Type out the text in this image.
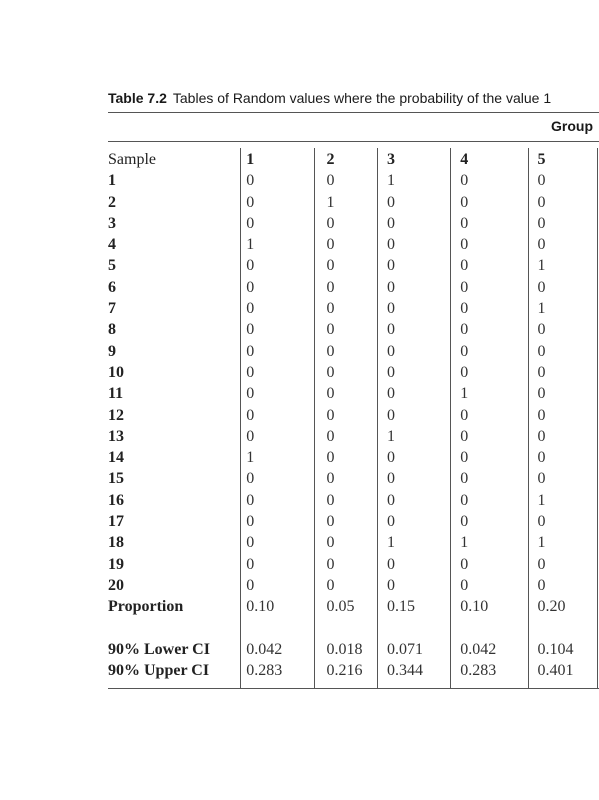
Table 7.2 Tables of Random values where the probability of the value 1
Group
Sample	1	2	3	4	5
1	0	0	1	0	0
2	0	1	0	0	0
3	0	0	0	0	0
4	1	0	0	0	0
5	0	0	0	0	1
6	0	0	0	0	0
7	0	0	0	0	1
8	0	0	0	0	0
9	0	0	0	0	0
10	0	0	0	0	0
11	0	0	0	1	0
12	0	0	0	0	0
13	0	0	1	0	0
14	1	0	0	0	0
15	0	0	0	0	0
16	0	0	0	0	1
17	0	0	0	0	0
18	0	0	1	1	1
19	0	0	0	0	0
20	0	0	0	0	0
Proportion	0.10	0.05	0.15	0.10	0.20

90% Lower CI	0.042	0.018	0.071	0.042	0.104
90% Upper CI	0.283	0.216	0.344	0.283	0.401
